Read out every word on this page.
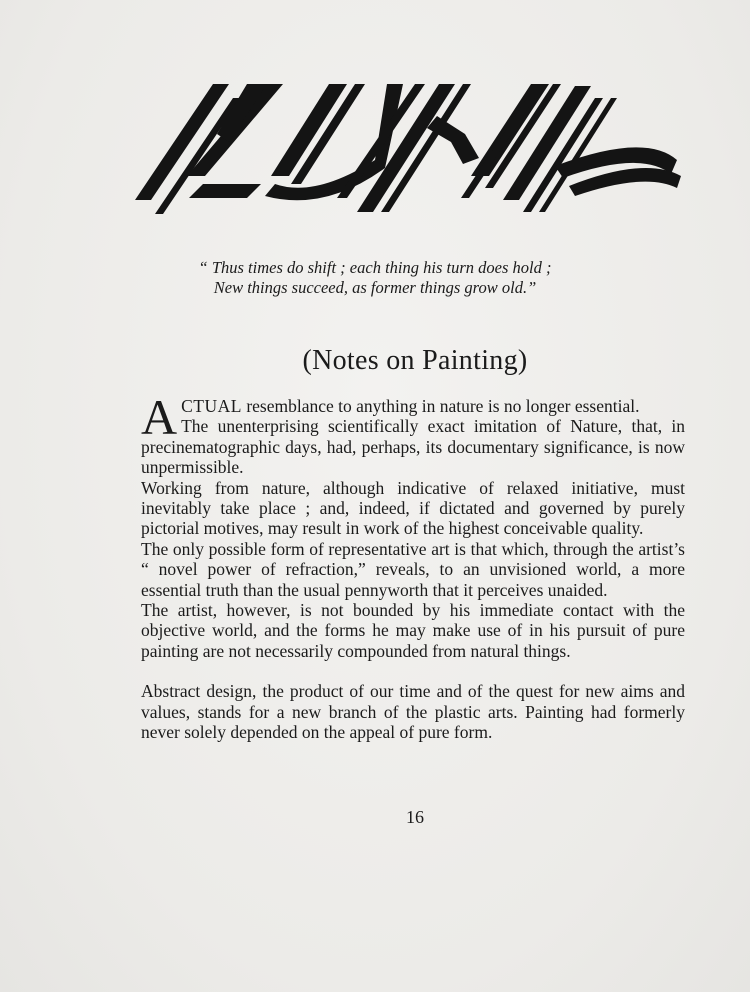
“ Thus times do shift ; each thing his turn does hold ;
New things succeed, as former things grow old.”
(Notes on Painting)

ACTUAL resemblance to anything in nature is no longer essential.

The unenterprising scientifically exact imitation of Nature, that, in precinematographic days, had, perhaps, its documentary significance, is now unpermissible.

Working from nature, although indicative of relaxed initiative, must inevitably take place ; and, indeed, if dictated and governed by purely pictorial motives, may result in work of the highest conceivable quality.

The only possible form of representative art is that which, through the artist’s “ novel power of refraction,” reveals, to an unvisioned world, a more essential truth than the usual pennyworth that it perceives unaided.

The artist, however, is not bounded by his immediate contact with the objective world, and the forms he may make use of in his pursuit of pure painting are not necessarily compounded from natural things.

Abstract design, the product of our time and of the quest for new aims and values, stands for a new branch of the plastic arts. Painting had formerly never solely depended on the appeal of pure form.

16
